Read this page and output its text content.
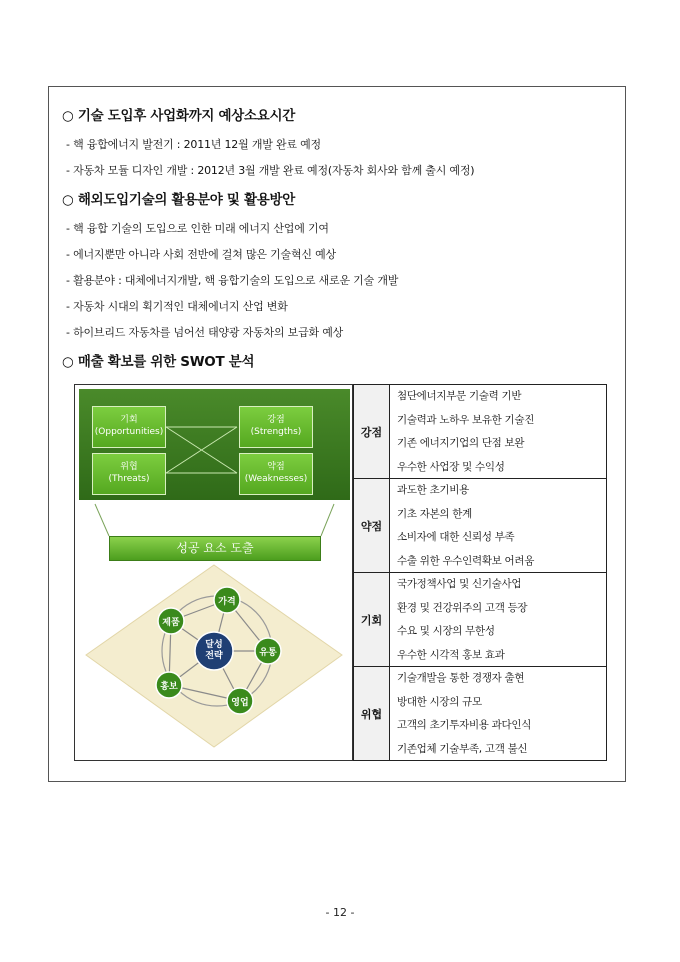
○ 기술 도입후 사업화까지 예상소요시간
- 핵 융합에너지 발전기 : 2011년 12월 개발 완료 예정
- 자동차 모듈 디자인 개발 : 2012년 3월 개발 완료 예정(자동차 회사와 함께 출시 예정)
○ 해외도입기술의 활용분야 및 활용방안
- 핵 융합 기술의 도입으로 인한 미래 에너지 산업에 기여
- 에너지뿐만 아니라 사회 전반에 걸쳐 많은 기술혁신 예상
- 활용분야 : 대체에너지개발, 핵 융합기술의 도입으로 새로운 기술 개발
- 자동차 시대의 획기적인 대체에너지 산업 변화
- 하이브리드 자동차를 넘어선 태양광 자동차의 보급화 예상
○ 매출 확보를 위한 SWOT 분석
기회
(Opportunities)
강점
(Strengths)
위협
(Threats)
약점
(Weaknesses)
성공 요소 도출
가격
제품
유통
홍보
영업
달성
전략
강점
첨단에너지부문 기술력 기반
기술력과 노하우 보유한 기술진
기존 에너지기업의 단점 보완
우수한 사업장 및 수익성
약점
과도한 초기비용
기초 자본의 한계
소비자에 대한 신뢰성 부족
수출 위한 우수인력확보 어려움
기회
국가정책사업 및 신기술사업
환경 및 건강위주의 고객 등장
수요 및 시장의 무한성
우수한 시각적 홍보 효과
위협
기술개발을 통한 경쟁자 출현
방대한 시장의 규모
고객의 초기투자비용 과다인식
기존업체 기술부족, 고객 불신
- 12 -
